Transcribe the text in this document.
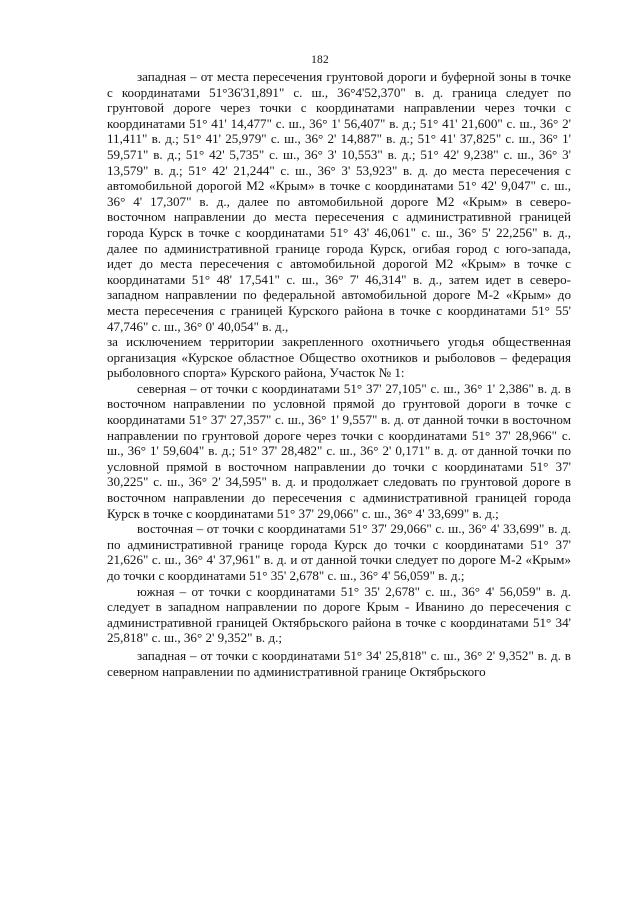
182

западная – от места пересечения грунтовой дороги и буферной зоны в точке с координатами 51°36'31,891" с. ш., 36°4'52,370" в. д. граница следует по грунтовой дороге через точки с координатами направлении через точки с координатами 51° 41' 14,477" с. ш., 36° 1' 56,407" в. д.; 51° 41' 21,600" с. ш., 36° 2' 11,411" в. д.; 51° 41' 25,979" с. ш., 36° 2' 14,887" в. д.; 51° 41' 37,825" с. ш., 36° 1' 59,571" в. д.; 51° 42' 5,735" с. ш., 36° 3' 10,553" в. д.; 51° 42' 9,238" с. ш., 36° 3' 13,579" в. д.; 51° 42' 21,244" с. ш., 36° 3' 53,923" в. д. до места пересечения с автомобильной дорогой М2 «Крым» в точке с координатами 51° 42' 9,047" с. ш., 36° 4' 17,307" в. д., далее по автомобильной дороге М2 «Крым» в северо-восточном направлении до места пересечения с административной границей города Курск в точке с координатами 51° 43' 46,061" с. ш., 36° 5' 22,256" в. д., далее по административной границе города Курск, огибая город с юго-запада, идет до места пересечения с автомобильной дорогой М2 «Крым» в точке с координатами 51° 48' 17,541" с. ш., 36° 7' 46,314" в. д., затем идет в северо-западном направлении по федеральной автомобильной дороге М-2 «Крым» до места пересечения с границей Курского района в точке с координатами 51° 55' 47,746" с. ш., 36° 0' 40,054" в. д.,

за исключением территории закрепленного охотничьего угодья общественная организация «Курское областное Общество охотников и рыболовов – федерация рыболовного спорта» Курского района, Участок № 1:

северная – от точки с координатами 51° 37' 27,105" с. ш., 36° 1' 2,386" в. д. в восточном направлении по условной прямой до грунтовой дороги в точке с координатами 51° 37' 27,357" с. ш., 36° 1' 9,557" в. д. от данной точки в восточном направлении по грунтовой дороге через точки с координатами 51° 37' 28,966" с. ш., 36° 1' 59,604" в. д.; 51° 37' 28,482" с. ш., 36° 2' 0,171" в. д. от данной точки по условной прямой в восточном направлении до точки с координатами 51° 37' 30,225" с. ш., 36° 2' 34,595" в. д. и продолжает следовать по грунтовой дороге в восточном направлении до пересечения с административной границей города Курск в точке с координатами 51° 37' 29,066" с. ш., 36° 4' 33,699" в. д.;

восточная – от точки с координатами 51° 37' 29,066" с. ш., 36° 4' 33,699" в. д. по административной границе города Курск до точки с координатами 51° 37' 21,626" с. ш., 36° 4' 37,961" в. д. и от данной точки следует по дороге М-2 «Крым» до точки с координатами 51° 35' 2,678" с. ш., 36° 4' 56,059" в. д.;

южная – от точки с координатами 51° 35' 2,678" с. ш., 36° 4' 56,059" в. д. следует в западном направлении по дороге Крым - Иванино до пересечения с административной границей Октябрьского района в точке с координатами 51° 34' 25,818" с. ш., 36° 2' 9,352" в. д.;

западная – от точки с координатами 51° 34' 25,818" с. ш., 36° 2' 9,352" в. д. в северном направлении по административной границе Октябрьского
